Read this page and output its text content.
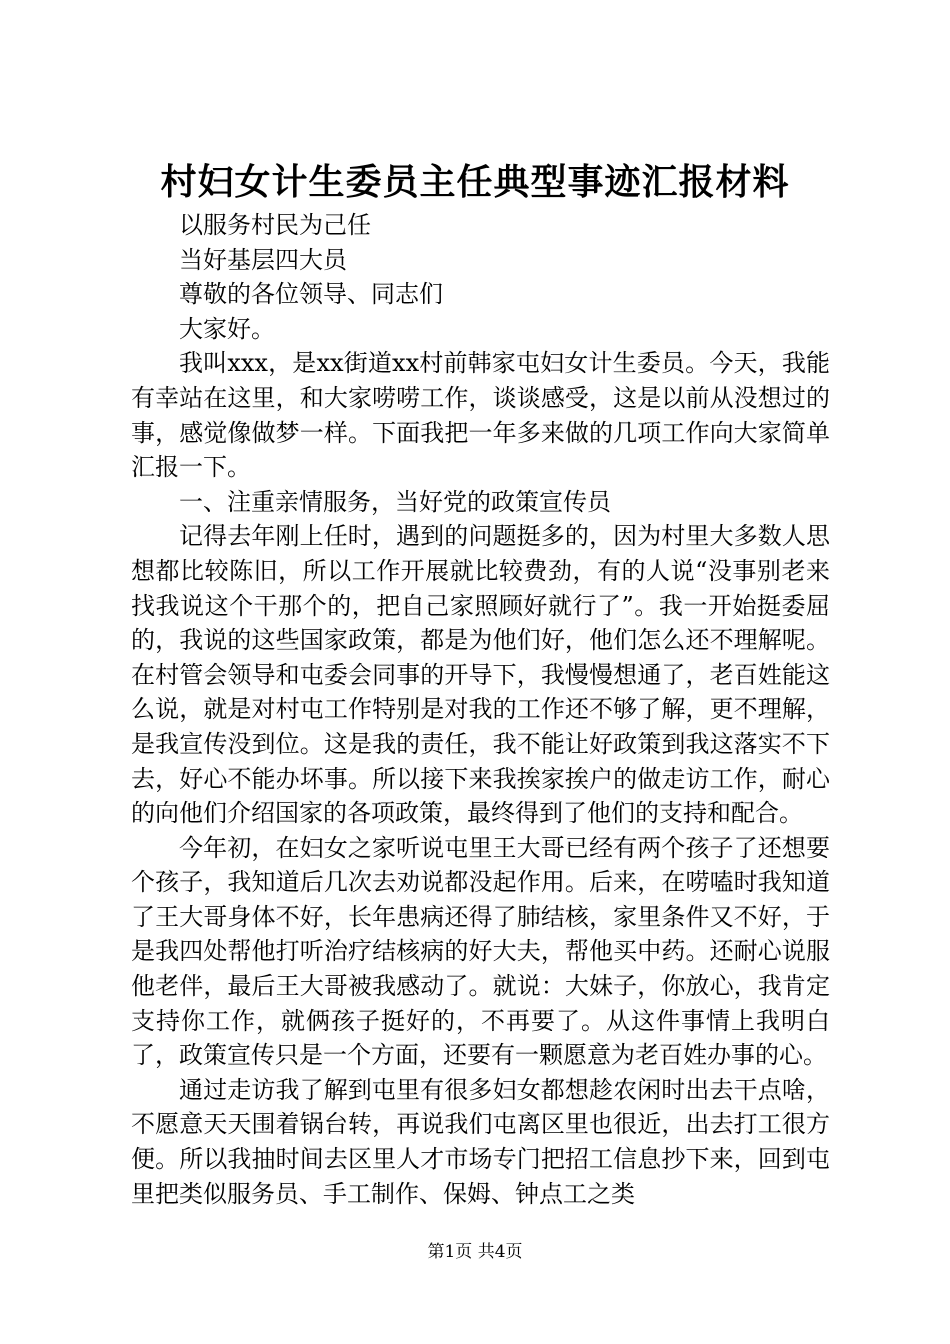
村妇女计生委员主任典型事迹汇报材料

以服务村民为己任

当好基层四大员

尊敬的各位领导、同志们

大家好。

我叫xxx，是xx街道xx村前韩家屯妇女计生委员。今天，我能有幸站在这里，和大家唠唠工作，谈谈感受，这是以前从没想过的事，感觉像做梦一样。下面我把一年多来做的几项工作向大家简单汇报一下。

一、注重亲情服务，当好党的政策宣传员

记得去年刚上任时，遇到的问题挺多的，因为村里大多数人思想都比较陈旧，所以工作开展就比较费劲，有的人说“没事别老来找我说这个干那个的，把自己家照顾好就行了”。我一开始挺委屈的，我说的这些国家政策，都是为他们好，他们怎么还不理解呢。在村管会领导和屯委会同事的开导下，我慢慢想通了，老百姓能这么说，就是对村屯工作特别是对我的工作还不够了解，更不理解，是我宣传没到位。这是我的责任，我不能让好政策到我这落实不下去，好心不能办坏事。所以接下来我挨家挨户的做走访工作，耐心的向他们介绍国家的各项政策，最终得到了他们的支持和配合。

今年初，在妇女之家听说屯里王大哥已经有两个孩子了还想要个孩子，我知道后几次去劝说都没起作用。后来，在唠嗑时我知道了王大哥身体不好，长年患病还得了肺结核，家里条件又不好，于是我四处帮他打听治疗结核病的好大夫，帮他买中药。还耐心说服他老伴，最后王大哥被我感动了。就说：大妹子，你放心，我肯定支持你工作，就俩孩子挺好的，不再要了。从这件事情上我明白了，政策宣传只是一个方面，还要有一颗愿意为老百姓办事的心。

通过走访我了解到屯里有很多妇女都想趁农闲时出去干点啥，不愿意天天围着锅台转，再说我们屯离区里也很近，出去打工很方便。所以我抽时间去区里人才市场专门把招工信息抄下来，回到屯里把类似服务员、手工制作、保姆、钟点工之类

第1页 共4页
